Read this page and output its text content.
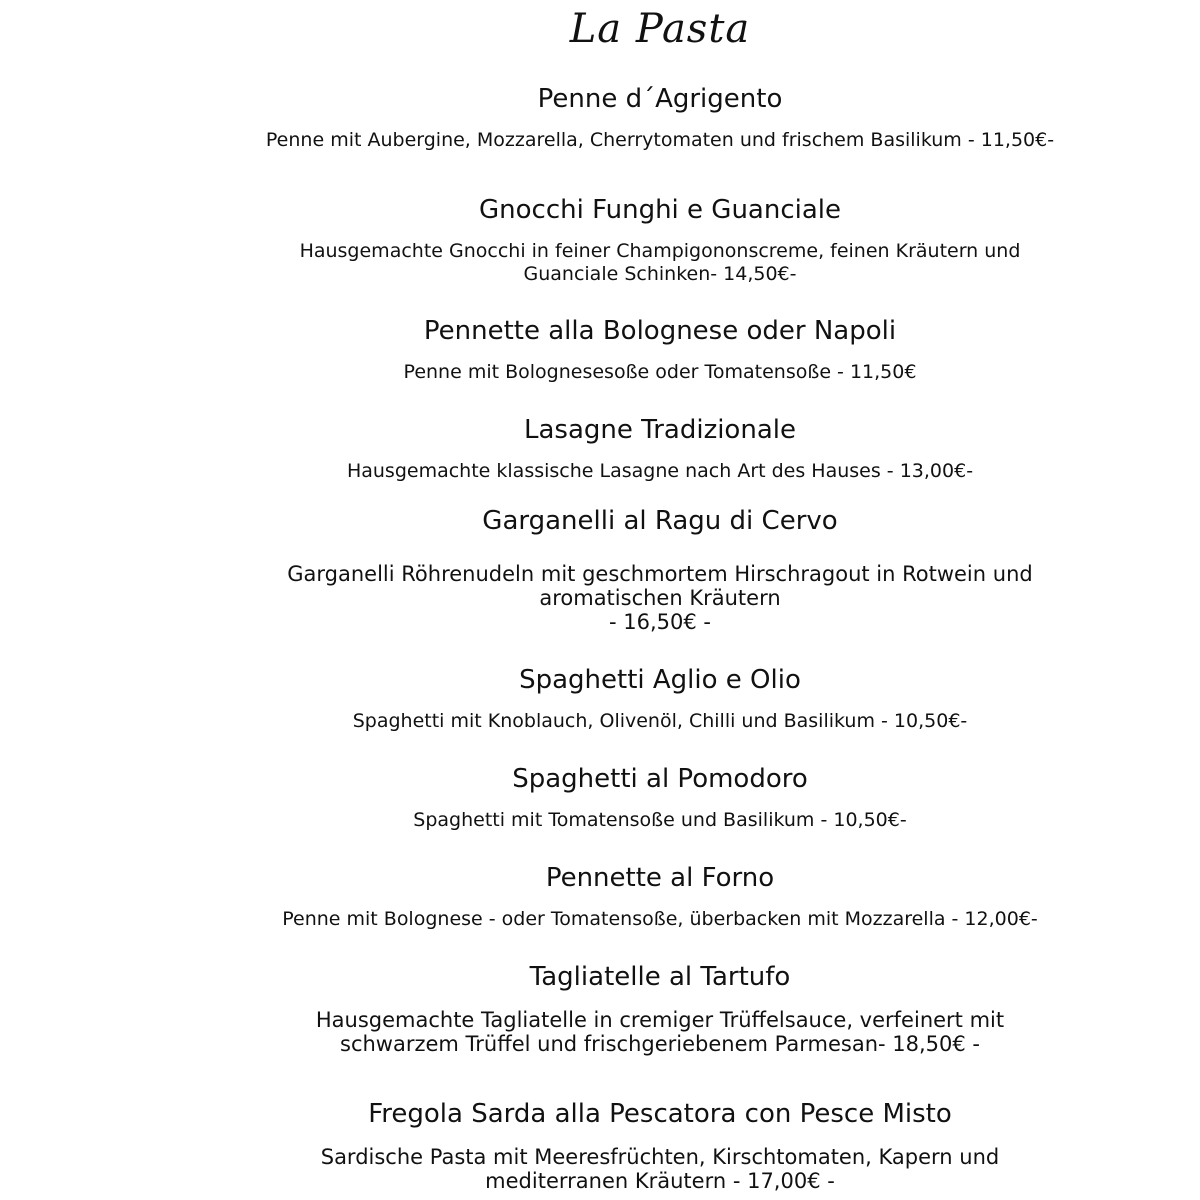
La Pasta
Penne d´Agrigento
Penne mit Aubergine, Mozzarella, Cherrytomaten und frischem Basilikum - 11,50€-
Gnocchi Funghi e Guanciale
Hausgemachte Gnocchi in feiner Champigononscreme, feinen Kräutern und
Guanciale Schinken- 14,50€-
Pennette alla Bolognese oder Napoli
Penne mit Bolognesesoße oder Tomatensoße - 11,50€
Lasagne Tradizionale
Hausgemachte klassische Lasagne nach Art des Hauses - 13,00€-
Garganelli al Ragu di Cervo
Garganelli Röhrenudeln mit geschmortem Hirschragout in Rotwein und
aromatischen Kräutern
- 16,50€ -
Spaghetti Aglio e Olio
Spaghetti mit Knoblauch, Olivenöl, Chilli und Basilikum - 10,50€-
Spaghetti al Pomodoro
Spaghetti mit Tomatensoße und Basilikum - 10,50€-
Pennette al Forno
Penne mit Bolognese - oder Tomatensoße, überbacken mit Mozzarella - 12,00€-
Tagliatelle al Tartufo
Hausgemachte Tagliatelle in cremiger Trüffelsauce, verfeinert mit
schwarzem Trüffel und frischgeriebenem Parmesan- 18,50€ -
Fregola Sarda alla Pescatora con Pesce Misto
Sardische Pasta mit Meeresfrüchten, Kirschtomaten, Kapern und
mediterranen Kräutern - 17,00€ -
